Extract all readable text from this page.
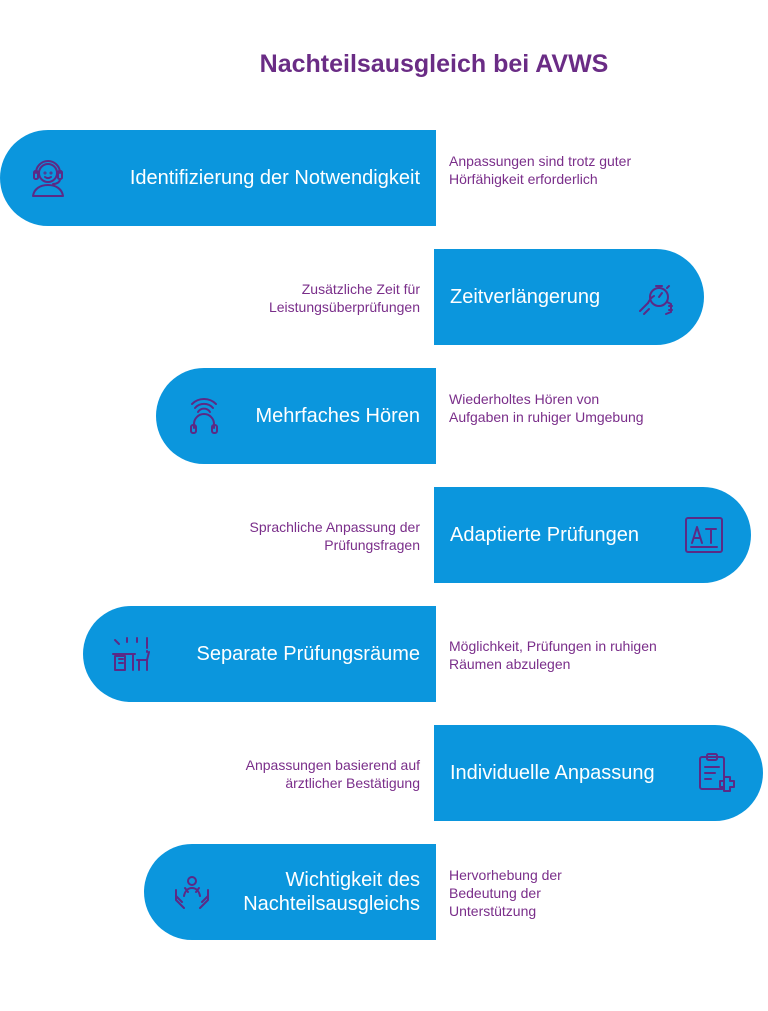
Nachteilsausgleich bei AVWS
Identifizierung der Notwendigkeit
Anpassungen sind trotz guter Hörfähigkeit erforderlich
Zeitverlängerung
Zusätzliche Zeit für Leistungsüberprüfungen
Mehrfaches Hören
Wiederholtes Hören von Aufgaben in ruhiger Umgebung
Adaptierte Prüfungen
Sprachliche Anpassung der Prüfungsfragen
Separate Prüfungsräume Möglichkeit, Prüfungen in ruhigen Räumen abzulegen
Individuelle Anpassung
Anpassungen basierend auf ärztlicher Bestätigung
Wichtigkeit des Nachteilsausgleichs
Hervorhebung der Bedeutung der Unterstützung
